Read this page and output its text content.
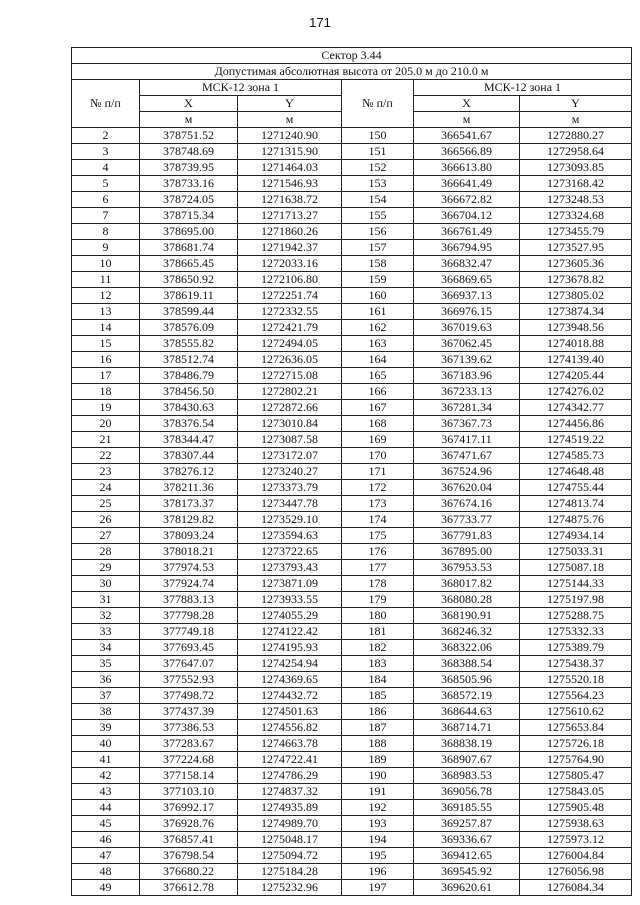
171
Сектор 3.44					
Допустимая абсолютная высота от 205.0 м до 210.0 м					
№ п/п	МСК-12 зона 1		№ п/п	МСК-12 зона 1	
	X	Y		X	Y
	м	м		м	м
2	378751.52	1271240.90	150	366541.67	1272880.27
3	378748.69	1271315.90	151	366566.89	1272958.64
4	378739.95	1271464.03	152	366613.80	1273093.85
5	378733.16	1271546.93	153	366641.49	1273168.42
6	378724.05	1271638.72	154	366672.82	1273248.53
7	378715.34	1271713.27	155	366704.12	1273324.68
8	378695.00	1271860.26	156	366761.49	1273455.79
9	378681.74	1271942.37	157	366794.95	1273527.95
10	378665.45	1272033.16	158	366832.47	1273605.36
11	378650.92	1272106.80	159	366869.65	1273678.82
12	378619.11	1272251.74	160	366937.13	1273805.02
13	378599.44	1272332.55	161	366976.15	1273874.34
14	378576.09	1272421.79	162	367019.63	1273948.56
15	378555.82	1272494.05	163	367062.45	1274018.88
16	378512.74	1272636.05	164	367139.62	1274139.40
17	378486.79	1272715.08	165	367183.96	1274205.44
18	378456.50	1272802.21	166	367233.13	1274276.02
19	378430.63	1272872.66	167	367281.34	1274342.77
20	378376.54	1273010.84	168	367367.73	1274456.86
21	378344.47	1273087.58	169	367417.11	1274519.22
22	378307.44	1273172.07	170	367471.67	1274585.73
23	378276.12	1273240.27	171	367524.96	1274648.48
24	378211.36	1273373.79	172	367620.04	1274755.44
25	378173.37	1273447.78	173	367674.16	1274813.74
26	378129.82	1273529.10	174	367733.77	1274875.76
27	378093.24	1273594.63	175	367791.83	1274934.14
28	378018.21	1273722.65	176	367895.00	1275033.31
29	377974.53	1273793.43	177	367953.53	1275087.18
30	377924.74	1273871.09	178	368017.82	1275144.33
31	377883.13	1273933.55	179	368080.28	1275197.98
32	377798.28	1274055.29	180	368190.91	1275288.75
33	377749.18	1274122.42	181	368246.32	1275332.33
34	377693.45	1274195.93	182	368322.06	1275389.79
35	377647.07	1274254.94	183	368388.54	1275438.37
36	377552.93	1274369.65	184	368505.96	1275520.18
37	377498.72	1274432.72	185	368572.19	1275564.23
38	377437.39	1274501.63	186	368644.63	1275610.62
39	377386.53	1274556.82	187	368714.71	1275653.84
40	377283.67	1274663.78	188	368838.19	1275726.18
41	377224.68	1274722.41	189	368907.67	1275764.90
42	377158.14	1274786.29	190	368983.53	1275805.47
43	377103.10	1274837.32	191	369056.78	1275843.05
44	376992.17	1274935.89	192	369185.55	1275905.48
45	376928.76	1274989.70	193	369257.87	1275938.63
46	376857.41	1275048.17	194	369336.67	1275973.12
47	376798.54	1275094.72	195	369412.65	1276004.84
48	376680.22	1275184.28	196	369545.92	1276056.98
49	376612.78	1275232.96	197	369620.61	1276084.34
